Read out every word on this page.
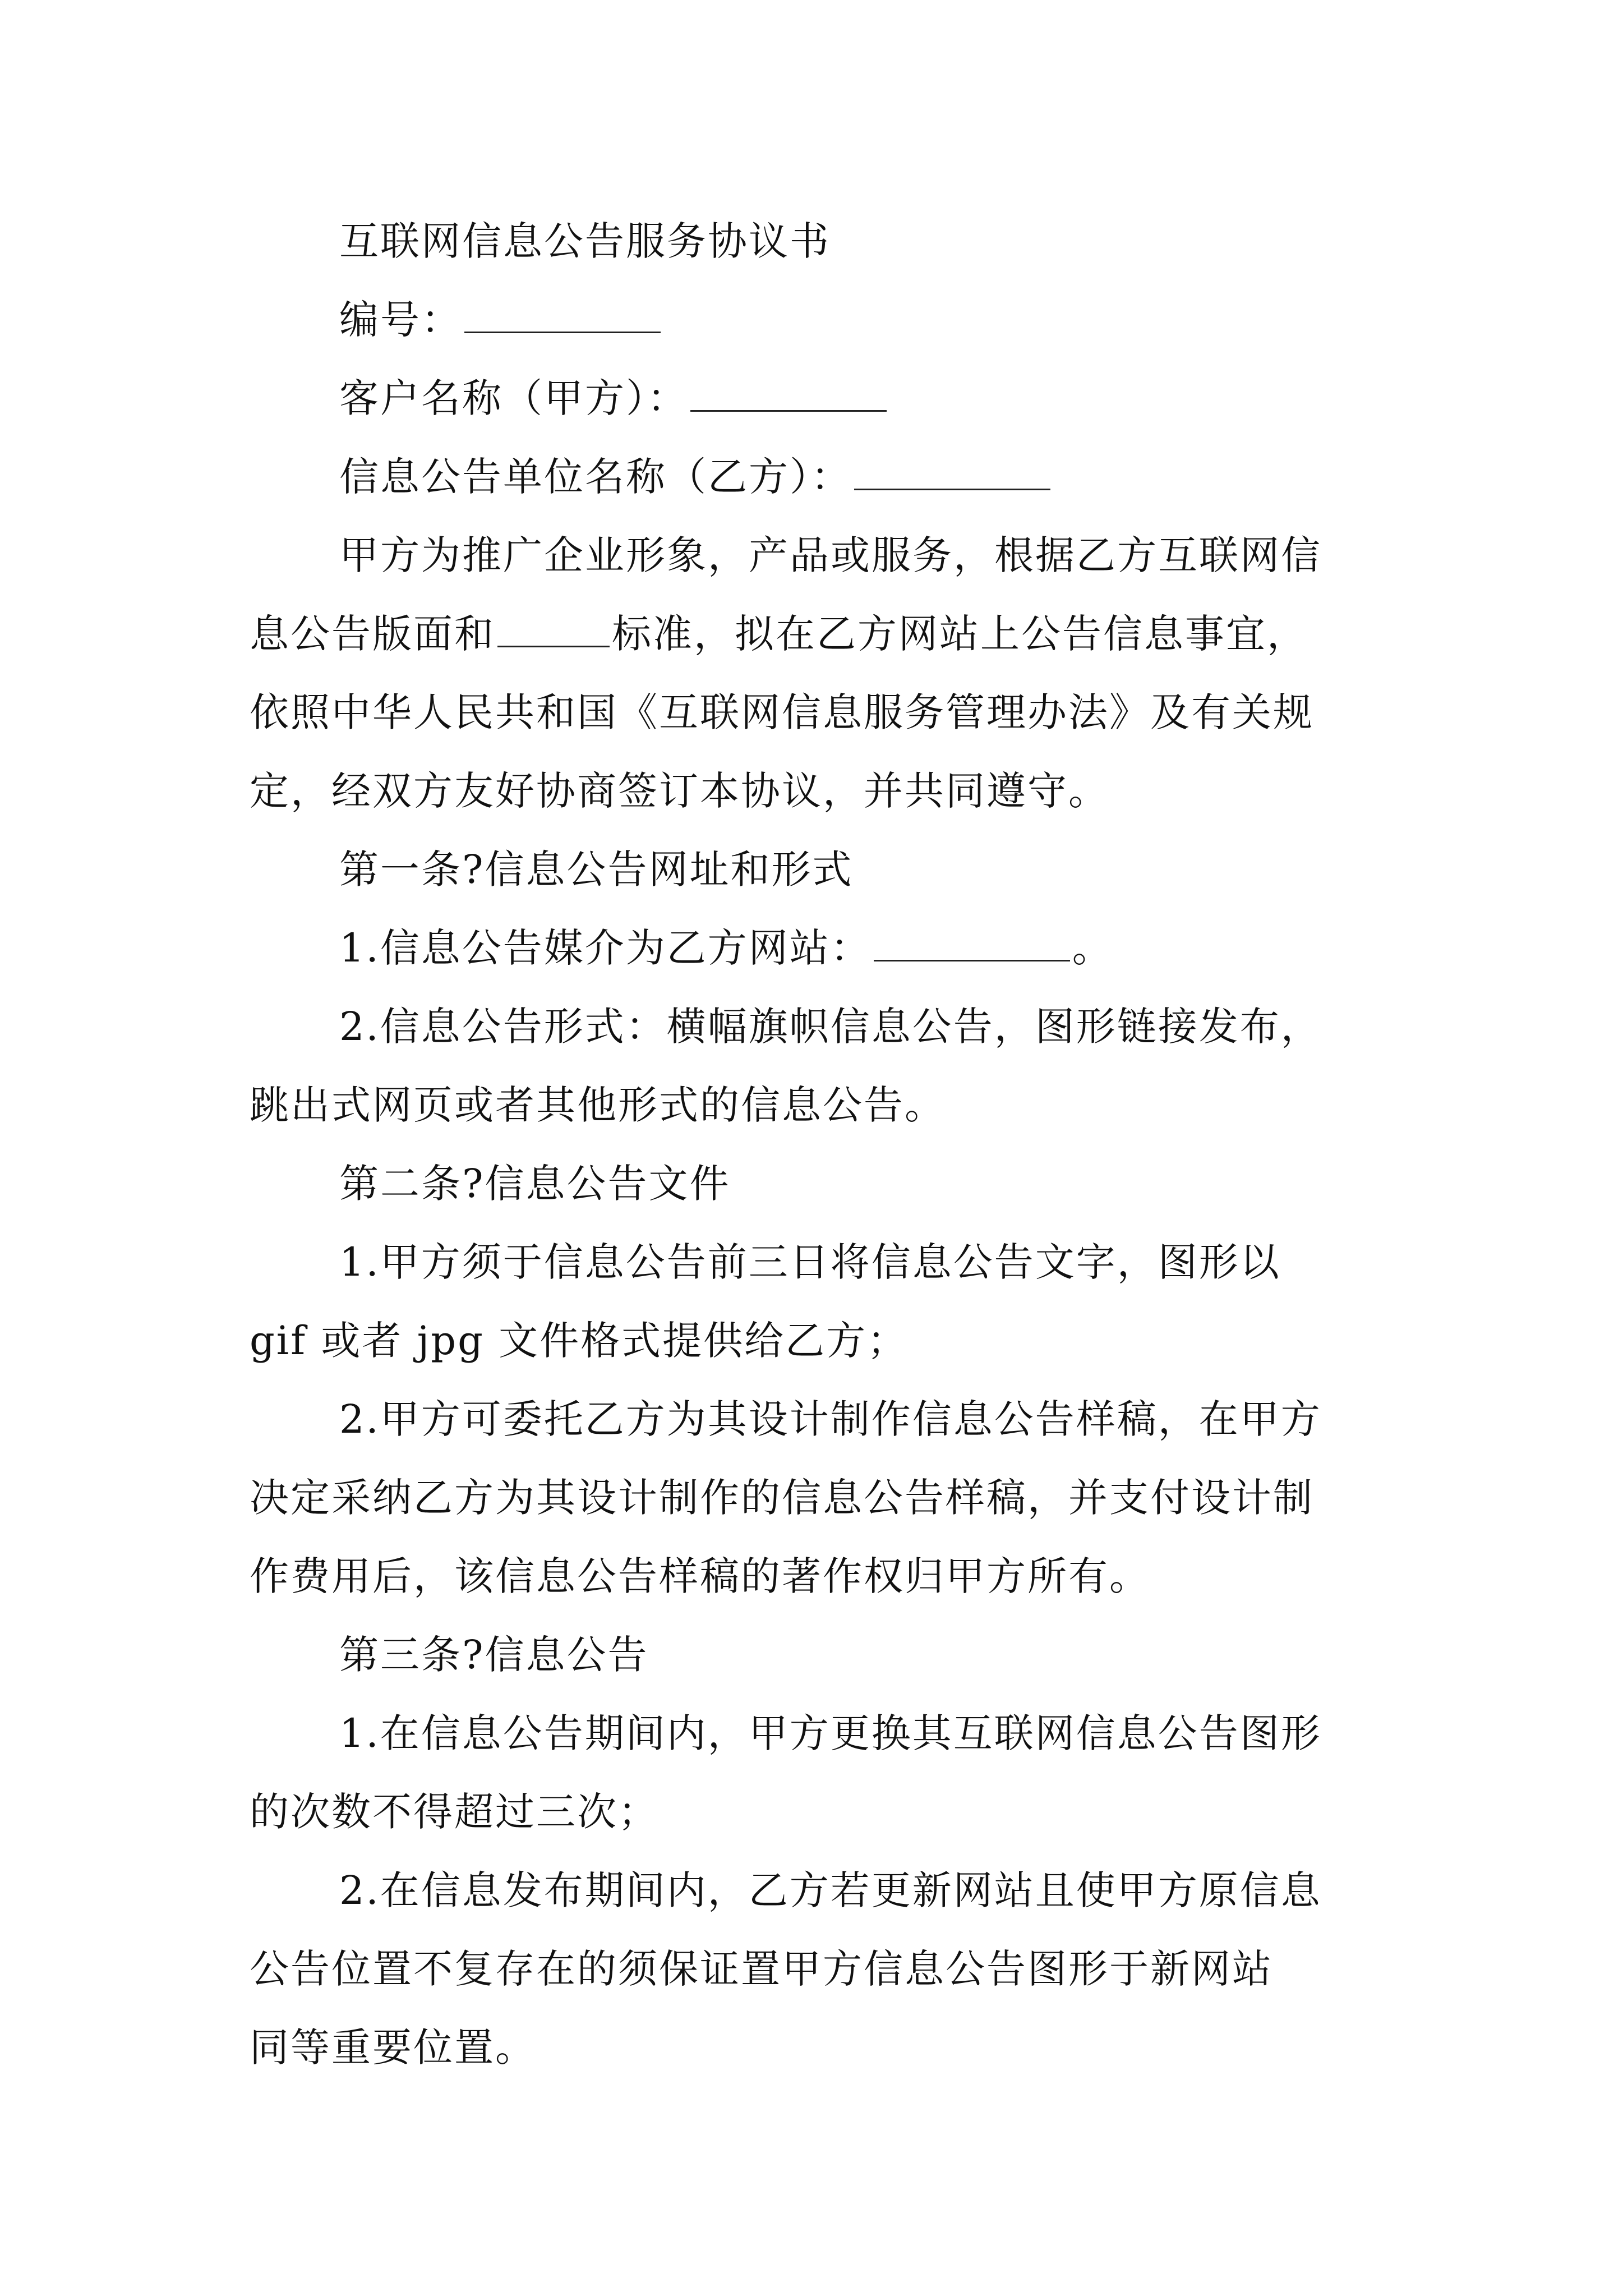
互联网信息公告服务协议书
编号：
客户名称（甲方）：
信息公告单位名称（乙方）：
甲方为推广企业形象，产品或服务，根据乙方互联网信
息公告版面和	标准，拟在乙方网站上公告信息事宜，
依照中华人民共和国《互联网信息服务管理办法》及有关规
定，经双方友好协商签订本协议，并共同遵守。
第一条?信息公告网址和形式
1.信息公告媒介为乙方网站：	。
2.信息公告形式：横幅旗帜信息公告，图形链接发布，
跳出式网页或者其他形式的信息公告。
第二条?信息公告文件
1.甲方须于信息公告前三日将信息公告文字，图形以
gif 或者 jpg 文件格式提供给乙方；
2.甲方可委托乙方为其设计制作信息公告样稿，在甲方
决定采纳乙方为其设计制作的信息公告样稿，并支付设计制
作费用后，该信息公告样稿的著作权归甲方所有。
第三条?信息公告
1.在信息公告期间内，甲方更换其互联网信息公告图形
的次数不得超过三次；
2.在信息发布期间内，乙方若更新网站且使甲方原信息
公告位置不复存在的须保证置甲方信息公告图形于新网站
同等重要位置。
